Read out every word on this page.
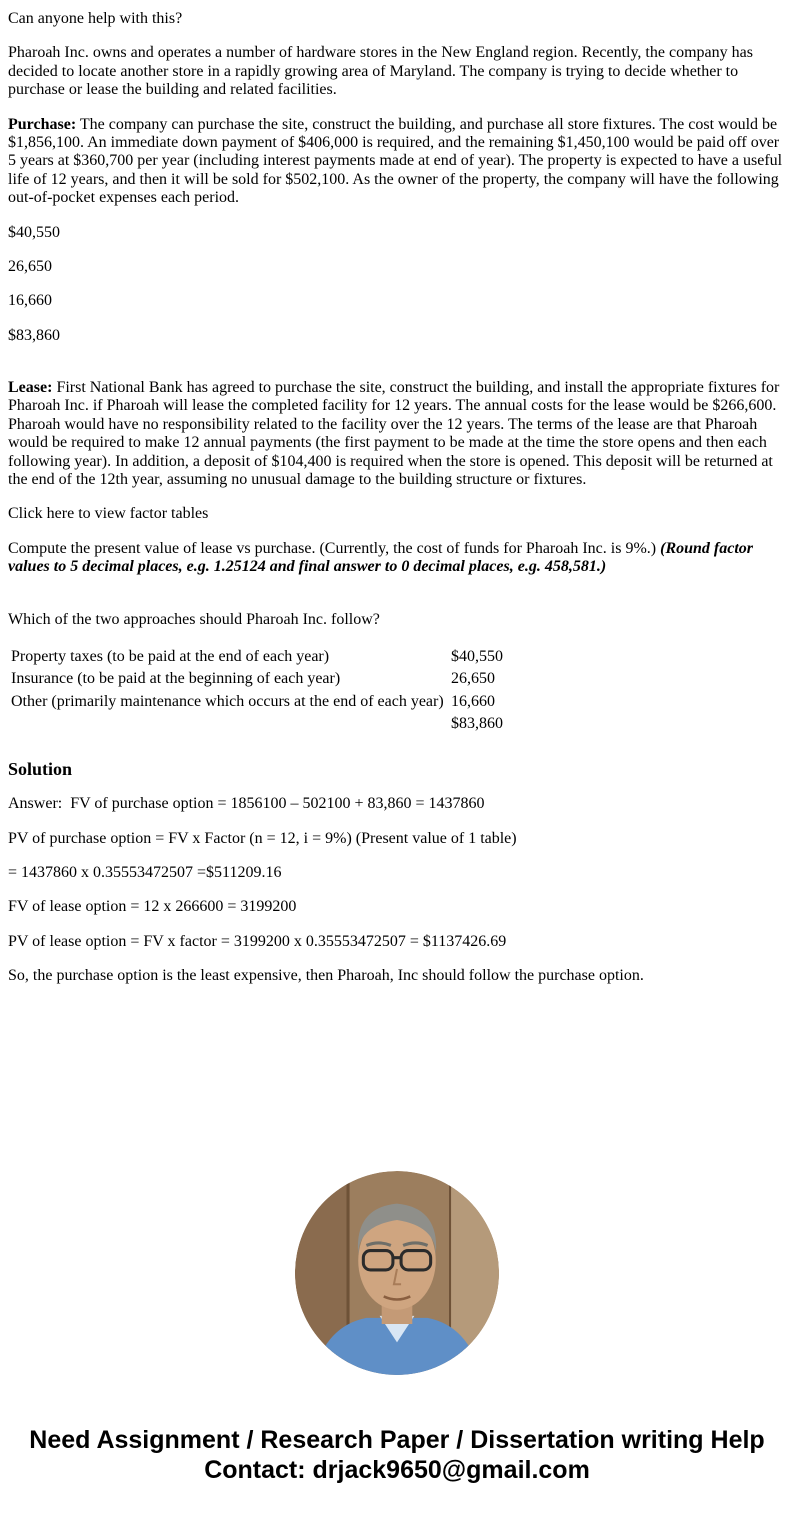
Can anyone help with this?

Pharoah Inc. owns and operates a number of hardware stores in the New England region. Recently, the company has decided to locate another store in a rapidly growing area of Maryland. The company is trying to decide whether to purchase or lease the building and related facilities.

Purchase: The company can purchase the site, construct the building, and purchase all store fixtures. The cost would be $1,856,100. An immediate down payment of $406,000 is required, and the remaining $1,450,100 would be paid off over 5 years at $360,700 per year (including interest payments made at end of year). The property is expected to have a useful life of 12 years, and then it will be sold for $502,100. As the owner of the property, the company will have the following out-of-pocket expenses each period.

$40,550

26,650

16,660

$83,860

Lease: First National Bank has agreed to purchase the site, construct the building, and install the appropriate fixtures for Pharoah Inc. if Pharoah will lease the completed facility for 12 years. The annual costs for the lease would be $266,600. Pharoah would have no responsibility related to the facility over the 12 years. The terms of the lease are that Pharoah would be required to make 12 annual payments (the first payment to be made at the time the store opens and then each following year). In addition, a deposit of $104,400 is required when the store is opened. This deposit will be returned at the end of the 12th year, assuming no unusual damage to the building structure or fixtures.

Click here to view factor tables

Compute the present value of lease vs purchase. (Currently, the cost of funds for Pharoah Inc. is 9%.) (Round factor values to 5 decimal places, e.g. 1.25124 and final answer to 0 decimal places, e.g. 458,581.)

Which of the two approaches should Pharoah Inc. follow?

Property taxes (to be paid at the end of each year)	$40,550
Insurance (to be paid at the beginning of each year)	26,650
Other (primarily maintenance which occurs at the end of each year)	16,660
	$83,860
Solution

Answer:  FV of purchase option = 1856100 – 502100 + 83,860 = 1437860

PV of purchase option = FV x Factor (n = 12, i = 9%) (Present value of 1 table)

= 1437860 x 0.35553472507 =$511209.16

FV of lease option = 12 x 266600 = 3199200

PV of lease option = FV x factor = 3199200 x 0.35553472507 = $1137426.69

So, the purchase option is the least expensive, then Pharoah, Inc should follow the purchase option.

Need Assignment / Research Paper / Dissertation writing Help
Contact: drjack9650@gmail.com
